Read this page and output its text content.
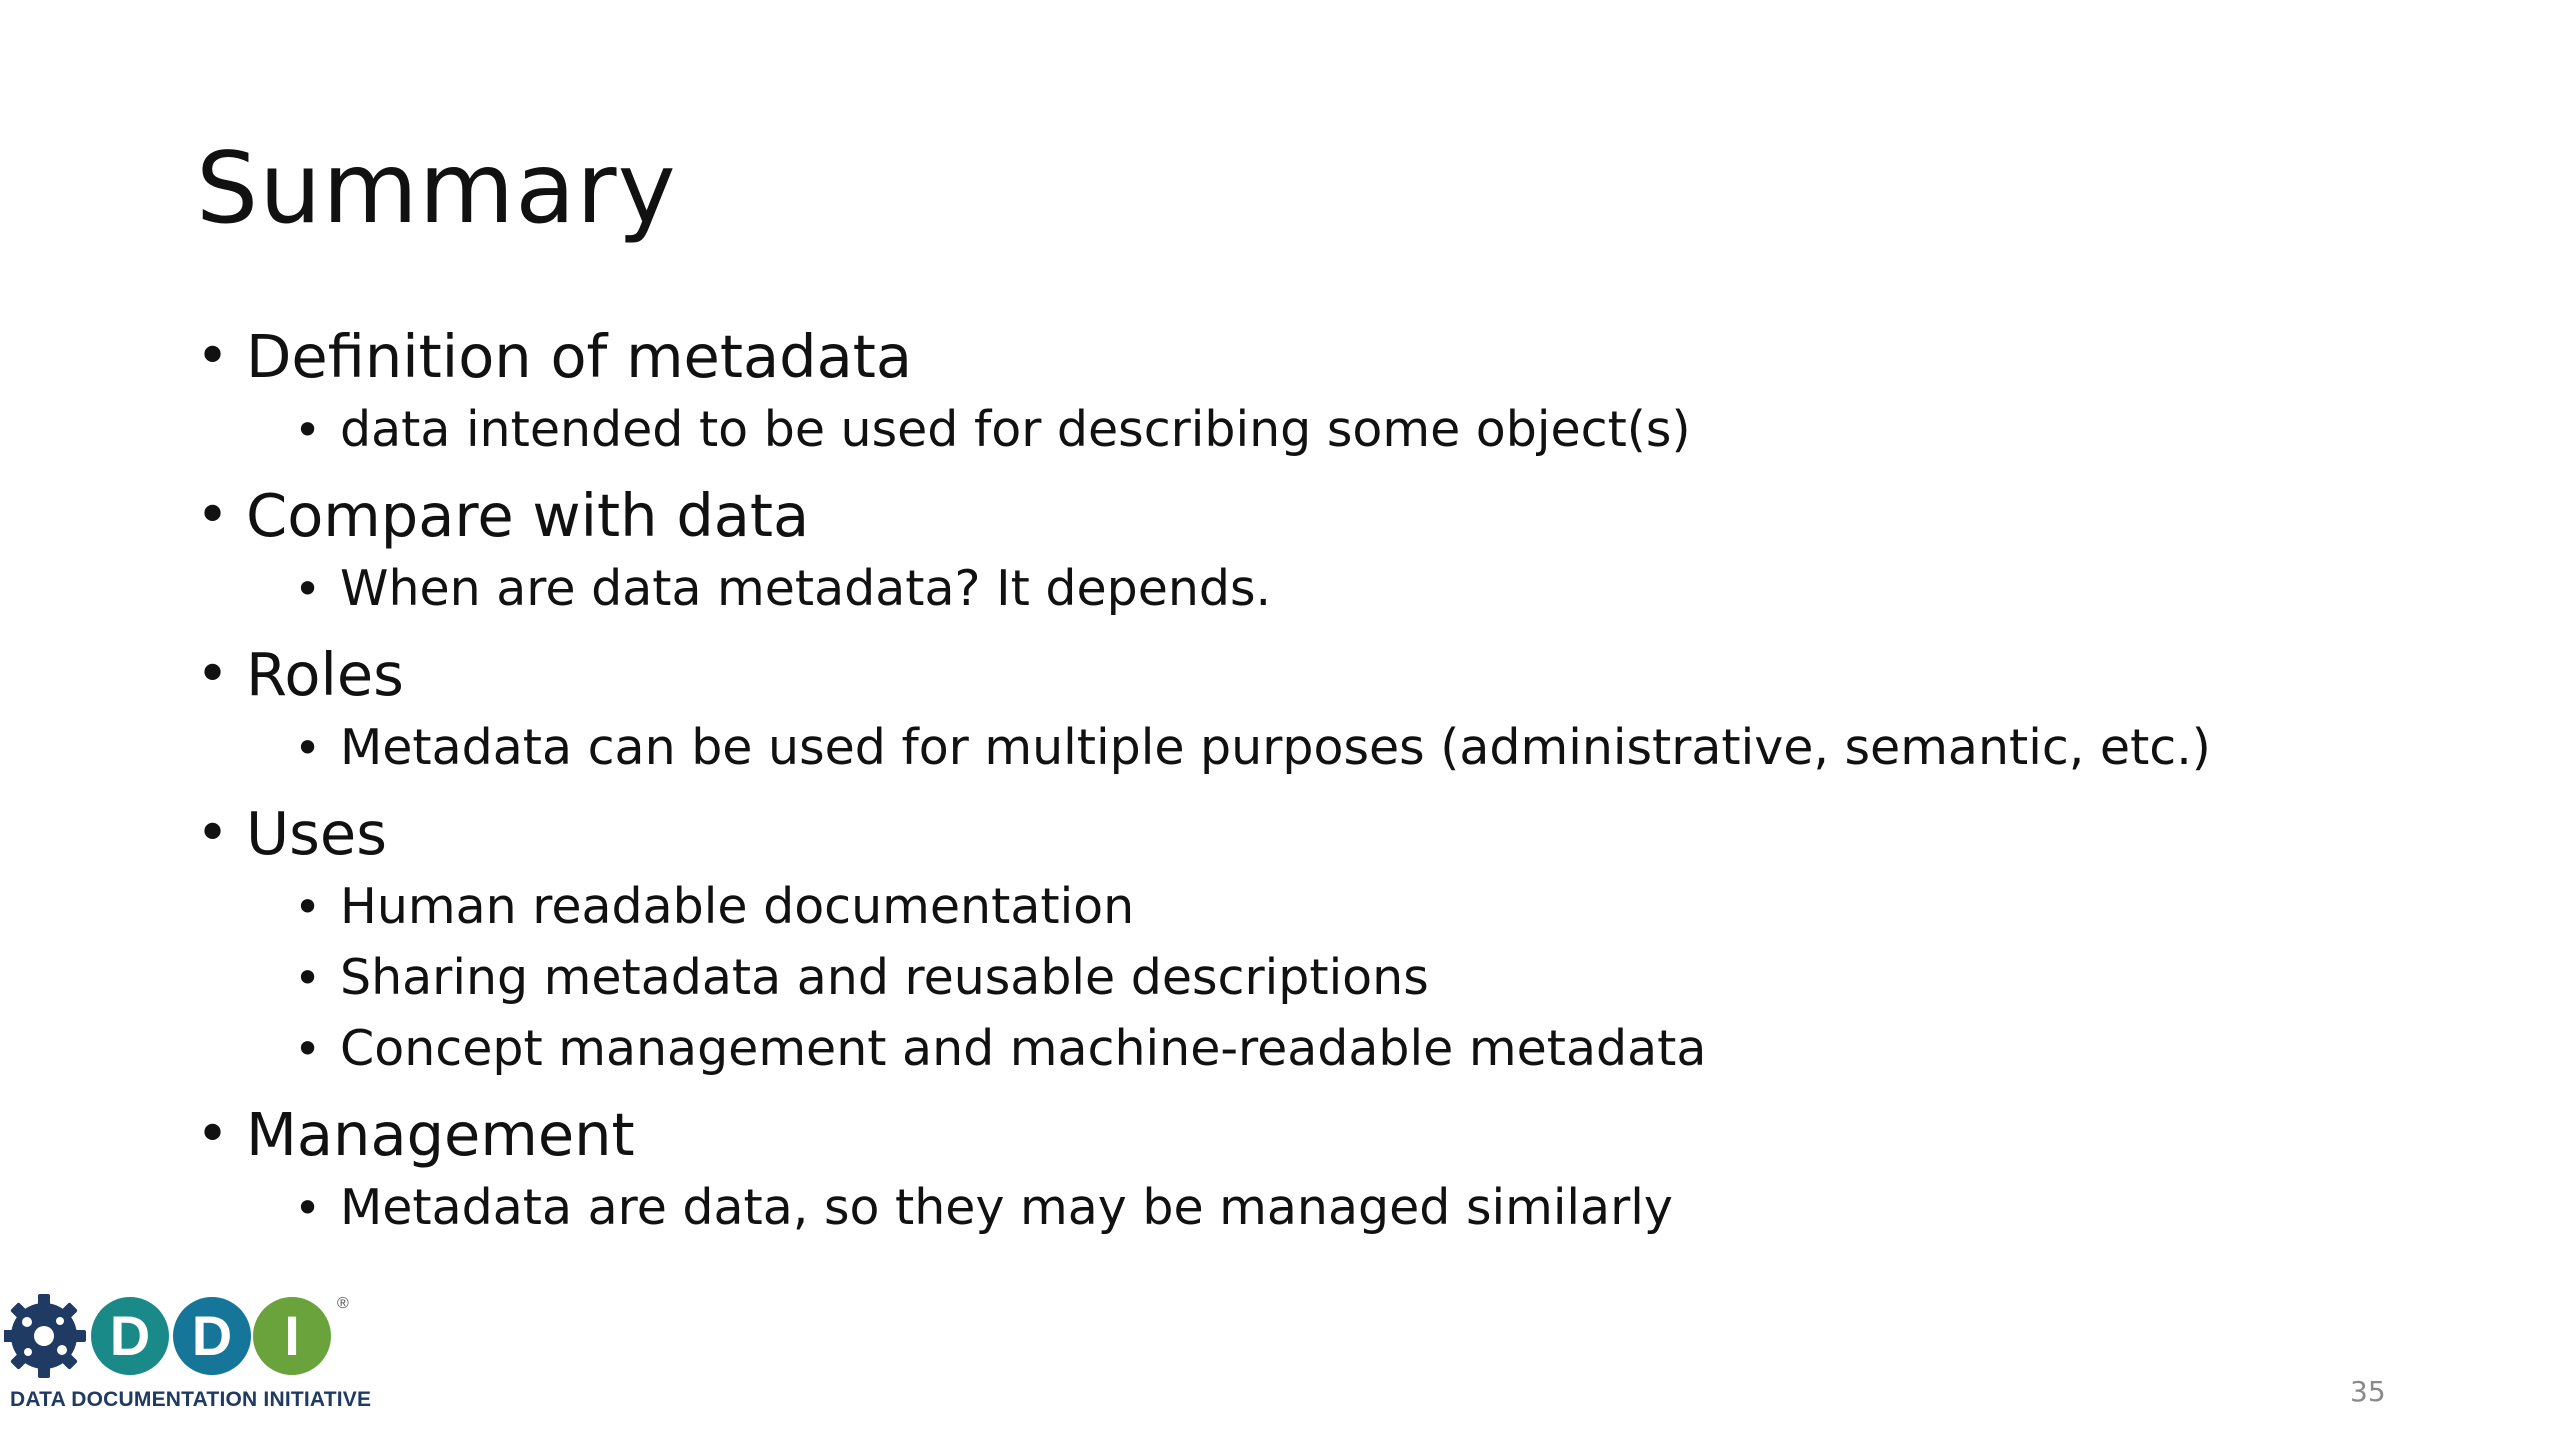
Summary
• Definition of metadata
• data intended to be used for describing some object(s)
• Compare with data
• When are data metadata? It depends.
• Roles
• Metadata can be used for multiple purposes (administrative, semantic, etc.)
• Uses
• Human readable documentation
• Sharing metadata and reusable descriptions
• Concept management and machine-readable metadata
• Management
• Metadata are data, so they may be managed similarly
D D I
®
DATA DOCUMENTATION INITIATIVE	35
